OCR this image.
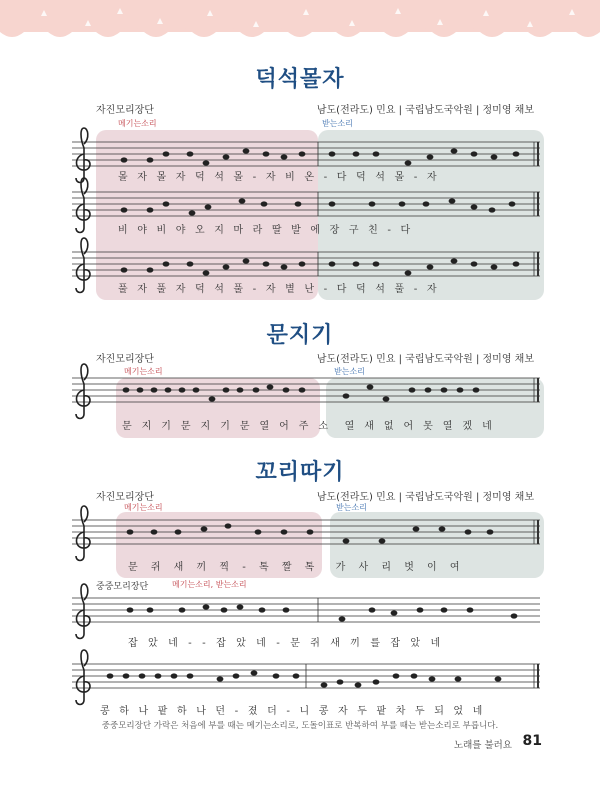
덕석몰자
자진모리장단	남도(전라도) 민요 | 국립남도국악원 | 정미영 채보
메기는소리	받는소리
몰 자 몰 자 덕 석 몰 - 자 비 온 - 다 덕 석 몰 - 자
비 야 비 야 오 지 마 라 딸 발 에 장 구 친 - 다
풀 자 풀 자 덕 석 풀 - 자 볕 난 - 다 덕 석 풀 - 자
문지기
자진모리장단	남도(전라도) 민요 | 국립남도국악원 | 정미영 채보
메기는소리	받는소리
문 지 기 문 지 기 문 열 어 주 소  열 새 없 어 못 열 겠 네
꼬리따기
자진모리장단	남도(전라도) 민요 | 국립남도국악원 | 정미영 채보
메기는소리	받는소리
문 쥐 새 끼 찍 - 톡 짤 톡  가 사 리 벗 이 여
중중모리장단	메기는소리, 받는소리
잡 았 네 - - 잡 았 네 - 문 쥐 새 끼 를 잡 았 네
콩 하 나 팥 하 나 던 - 졌 더 - 니 콩 자 두 팥 차 두 되 었 네
중중모리장단 가락은 처음에 부를 때는 메기는소리로, 도돌이표로 반복하여 부를 때는 받는소리로 부릅니다.
노래를 불러요 81
